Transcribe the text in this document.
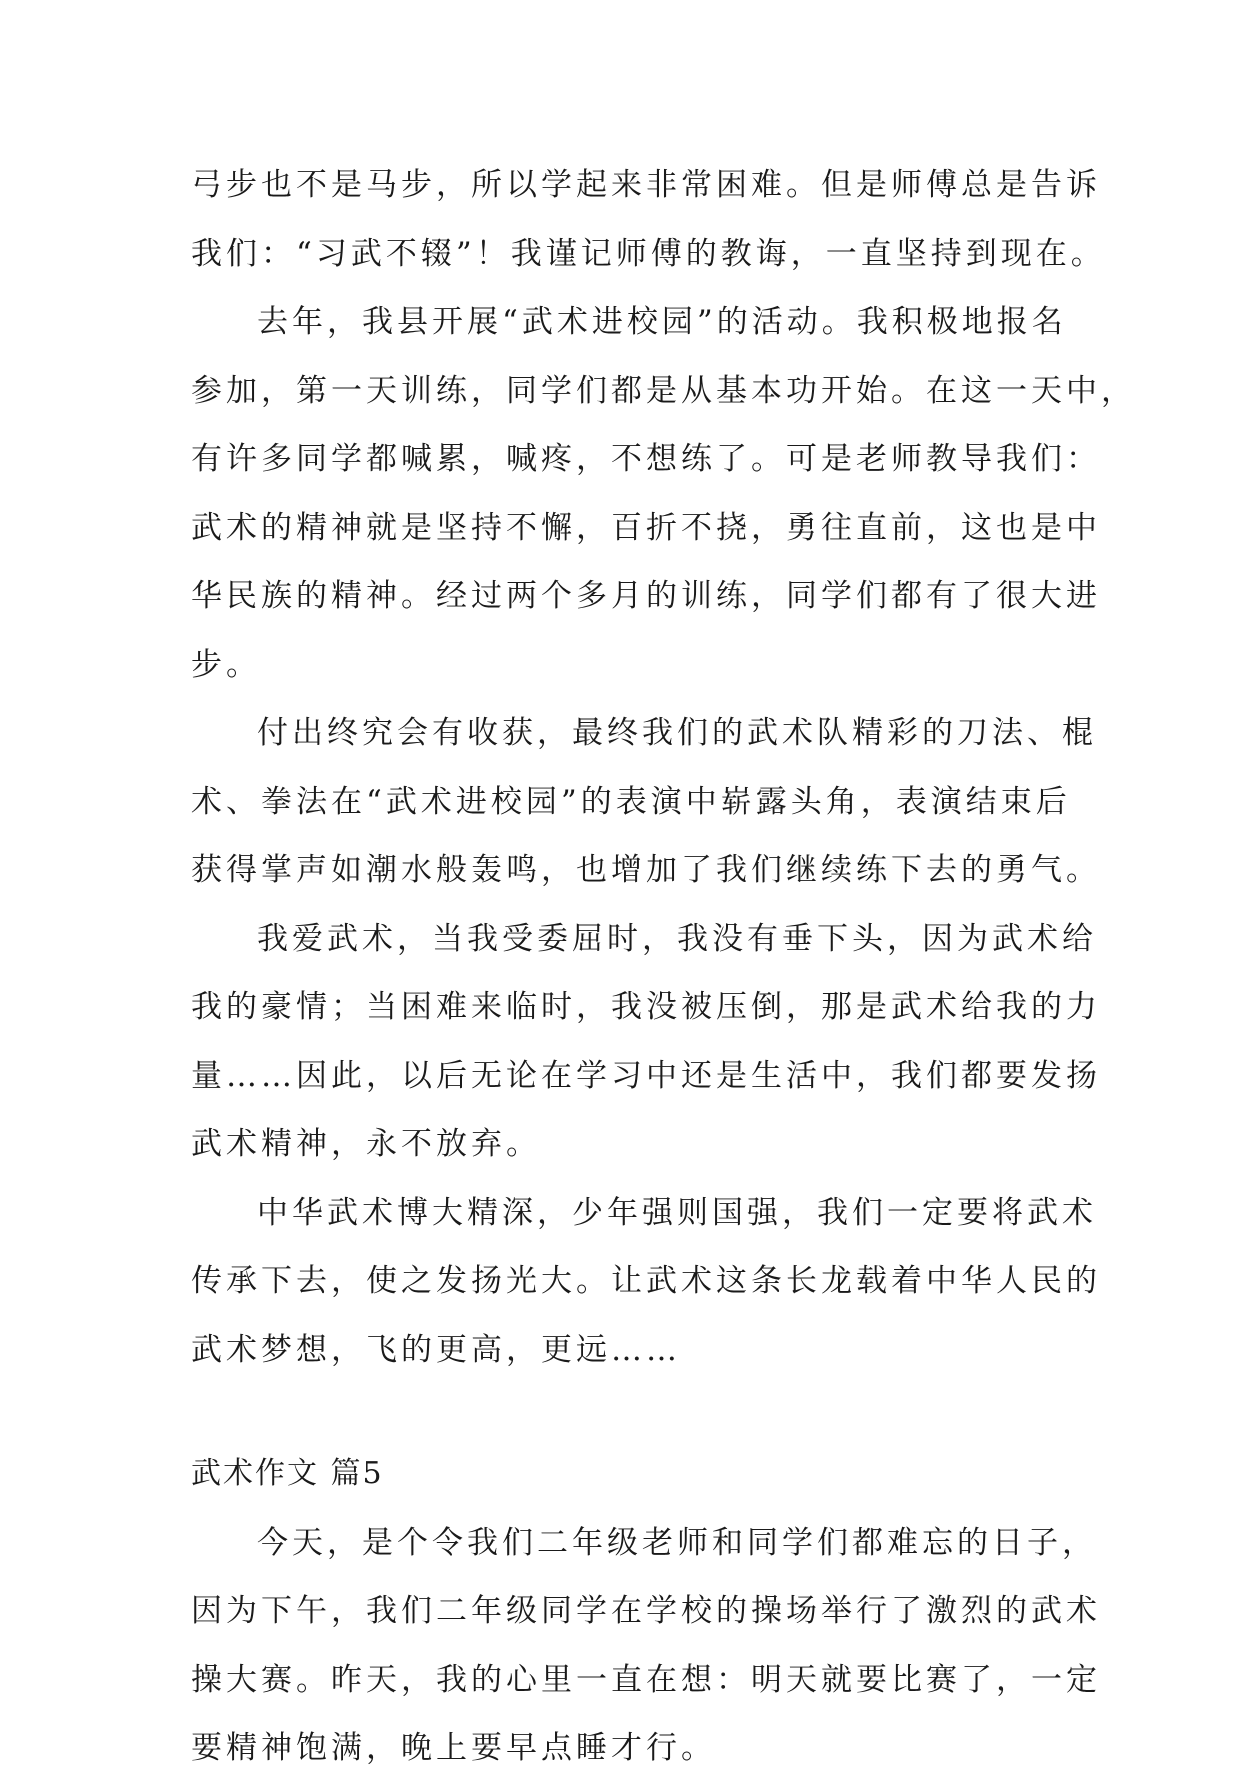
弓步也不是马步，所以学起来非常困难。但是师傅总是告诉
我们：“习武不辍”！我谨记师傅的教诲，一直坚持到现在。
去年，我县开展“武术进校园”的活动。我积极地报名
参加，第一天训练，同学们都是从基本功开始。在这一天中，
有许多同学都喊累，喊疼，不想练了。可是老师教导我们：
武术的精神就是坚持不懈，百折不挠，勇往直前，这也是中
华民族的精神。经过两个多月的训练，同学们都有了很大进
步。
付出终究会有收获，最终我们的武术队精彩的刀法、棍
术、拳法在“武术进校园”的表演中崭露头角，表演结束后
获得掌声如潮水般轰鸣，也增加了我们继续练下去的勇气。
我爱武术，当我受委屈时，我没有垂下头，因为武术给
我的豪情；当困难来临时，我没被压倒，那是武术给我的力
量……因此，以后无论在学习中还是生活中，我们都要发扬
武术精神，永不放弃。
中华武术博大精深，少年强则国强，我们一定要将武术
传承下去，使之发扬光大。让武术这条长龙载着中华人民的
武术梦想，飞的更高，更远……
武术作文 篇5
今天，是个令我们二年级老师和同学们都难忘的日子，
因为下午，我们二年级同学在学校的操场举行了激烈的武术
操大赛。昨天，我的心里一直在想：明天就要比赛了，一定
要精神饱满，晚上要早点睡才行。
